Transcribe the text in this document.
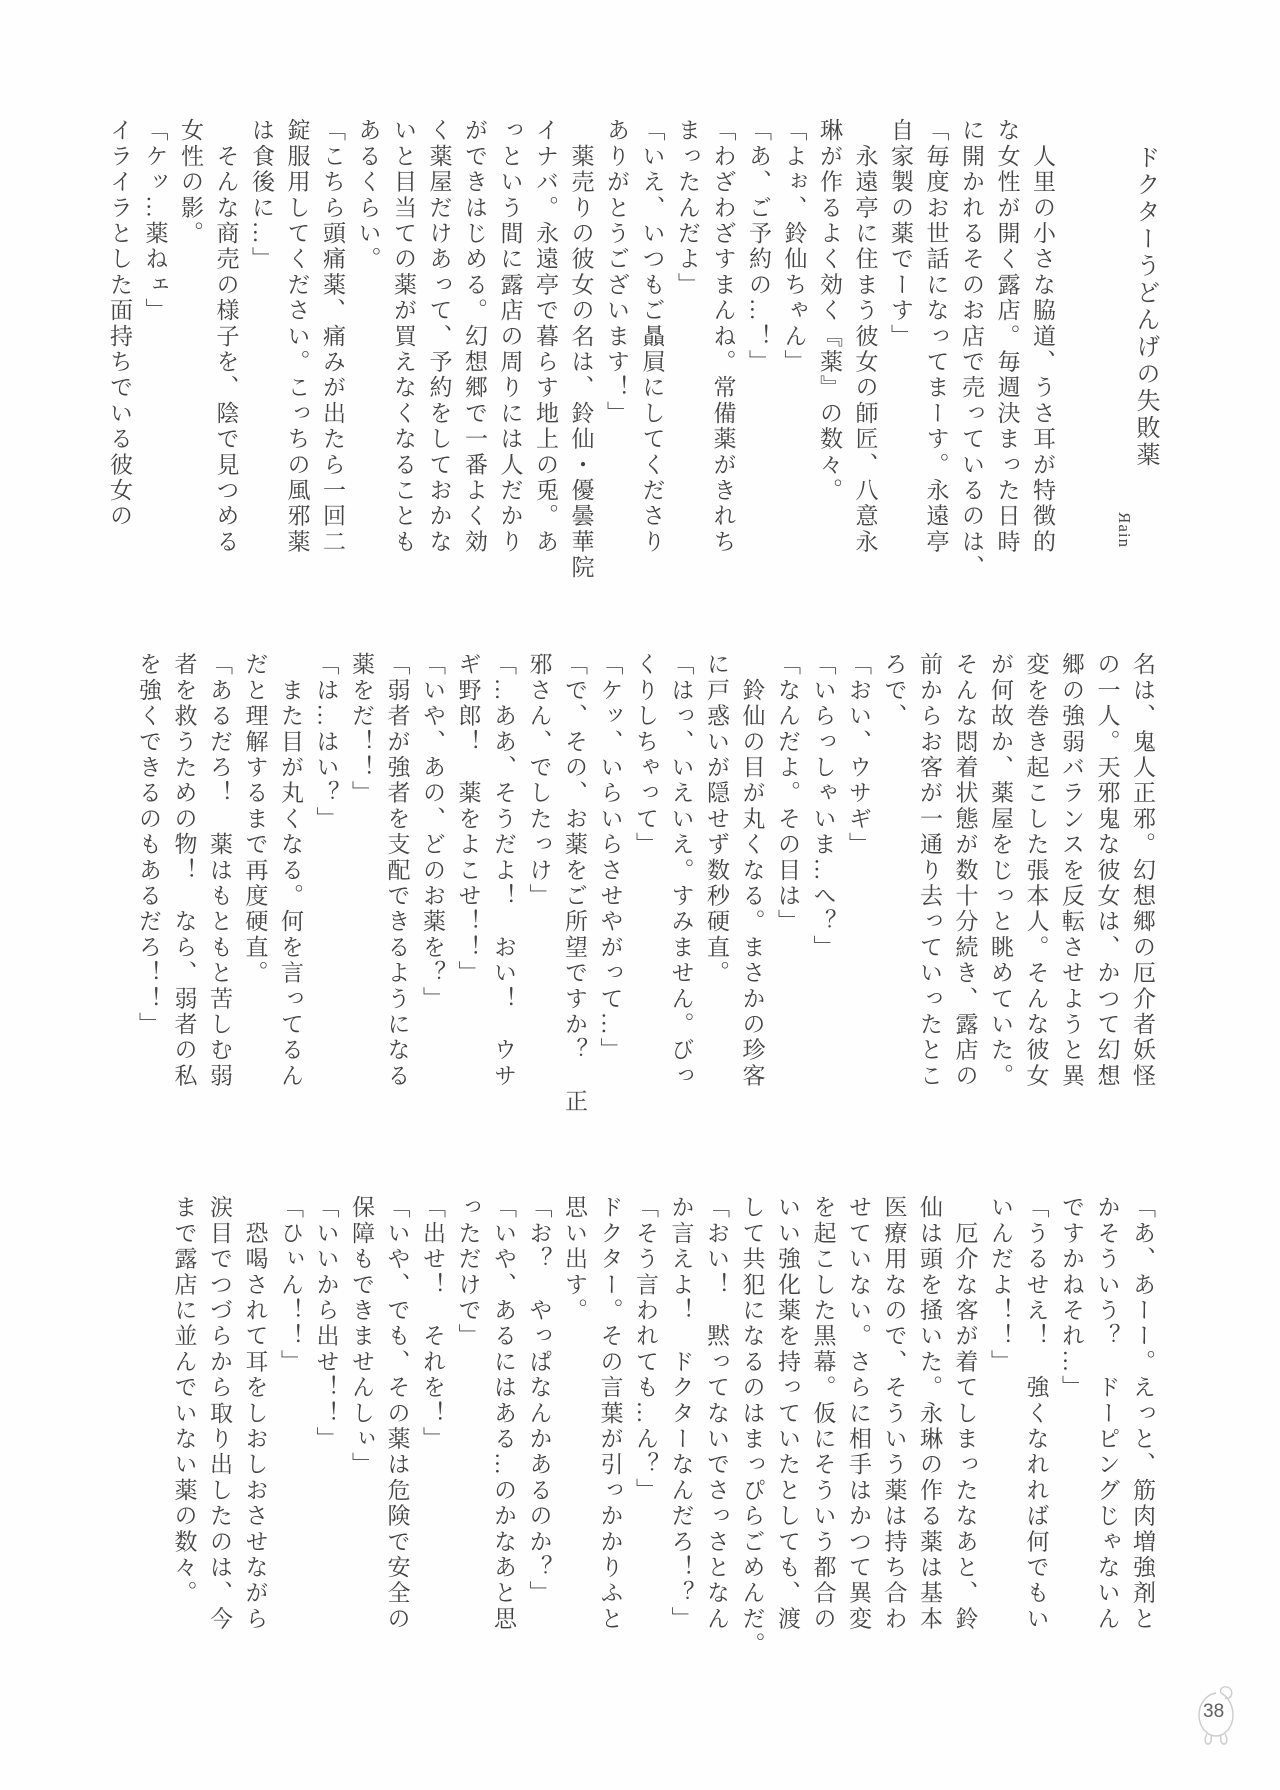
ドクターうどんげの失敗薬
Яain
　人里の小さな脇道、うさ耳が特徴的
な女性が開く露店。毎週決まった日時
に開かれるそのお店で売っているのは、
「毎度お世話になってまーす。永遠亭
自家製の薬でーす」
　永遠亭に住まう彼女の師匠、八意永
琳が作るよく効く『薬』の数々。
「よぉ、鈴仙ちゃん」
「あ、ご予約の…！」
「わざわざすまんね。常備薬がきれち
まったんだよ」
「いえ、いつもご贔屓にしてくださり
ありがとうございます！」
　薬売りの彼女の名は、鈴仙・優曇華院
イナバ。永遠亭で暮らす地上の兎。あ
っという間に露店の周りには人だかり
ができはじめる。幻想郷で一番よく効
く薬屋だけあって、予約をしておかな
いと目当ての薬が買えなくなることも
あるくらい。
「こちら頭痛薬、痛みが出たら一回二
錠服用してください。こっちの風邪薬
は食後に…」
　そんな商売の様子を、陰で見つめる
女性の影。
「ケッ…薬ねェ」
イライラとした面持ちでいる彼女の
名は、鬼人正邪。幻想郷の厄介者妖怪
の一人。天邪鬼な彼女は、かつて幻想
郷の強弱バランスを反転させようと異
変を巻き起こした張本人。そんな彼女
が何故か、薬屋をじっと眺めていた。
そんな悶着状態が数十分続き、露店の
前からお客が一通り去っていったとこ
ろで、
「おい、ウサギ」
「いらっしゃいま…へ？」
「なんだよ。その目は」
　鈴仙の目が丸くなる。まさかの珍客
に戸惑いが隠せず数秒硬直。
「はっ、いえいえ。すみません。びっ
くりしちゃって」
「ケッ、いらいらさせやがって…」
「で、その、お薬をご所望ですか？　正
邪さん、でしたっけ」
「…ああ、そうだよ！　おい！　ウサ
ギ野郎！　薬をよこせ！！」
「いや、あの、どのお薬を？」
「弱者が強者を支配できるようになる
薬をだ！！」
「は…はい？」
　また目が丸くなる。何を言ってるん
だと理解するまで再度硬直。
「あるだろ！　薬はもともと苦しむ弱
者を救うための物！　なら、弱者の私
を強くできるのもあるだろ！！」
「あ、あーー。えっと、筋肉増強剤と
かそういう？　ドーピングじゃないん
ですかねそれ…」
「うるせえ！　強くなれれば何でもい
いんだよ！！」
　厄介な客が着てしまったなあと、鈴
仙は頭を掻いた。永琳の作る薬は基本
医療用なので、そういう薬は持ち合わ
せていない。さらに相手はかつて異変
を起こした黒幕。仮にそういう都合の
いい強化薬を持っていたとしても、渡
して共犯になるのはまっぴらごめんだ。
「おい！　黙ってないでさっさとなん
か言えよ！　ドクターなんだろ！？」
「そう言われても…ん？」
ドクター。その言葉が引っかかりふと
思い出す。
「お？　やっぱなんかあるのか？」
「いや、あるにはある…のかなあと思
っただけで」
「出せ！　それを！」
「いや、でも、その薬は危険で安全の
保障もできませんしぃ」
「いいから出せ！！」
「ひぃん！！」
　恐喝されて耳をしおしおさせながら
涙目でつづらから取り出したのは、今
まで露店に並んでいない薬の数々。
38
